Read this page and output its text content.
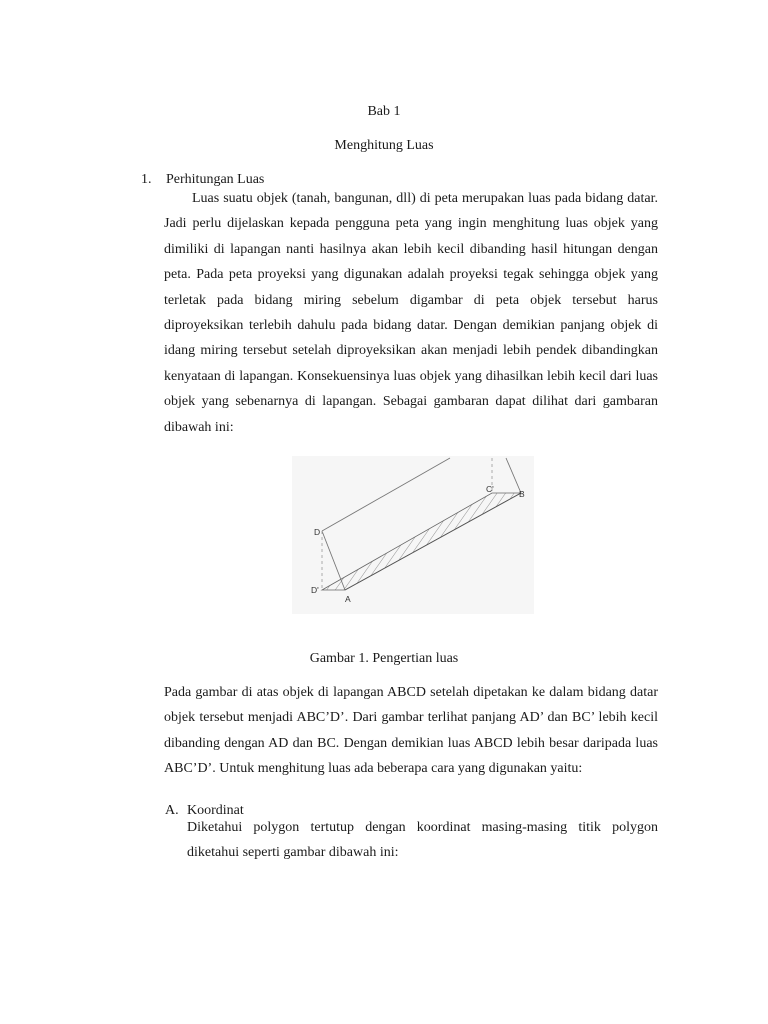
Bab 1
Menghitung Luas
1. Perhitungan Luas
Luas suatu objek (tanah, bangunan, dll) di peta merupakan luas pada bidang datar. Jadi perlu dijelaskan kepada pengguna peta yang ingin menghitung luas objek yang dimiliki di lapangan nanti hasilnya akan lebih kecil dibanding hasil hitungan dengan peta. Pada peta proyeksi yang digunakan adalah proyeksi tegak sehingga objek yang terletak pada bidang miring sebelum digambar di peta objek tersebut harus diproyeksikan terlebih dahulu pada bidang datar. Dengan demikian panjang objek di idang miring tersebut setelah diproyeksikan akan menjadi lebih pendek dibandingkan kenyataan di lapangan. Konsekuensinya luas objek yang dihasilkan lebih kecil dari luas objek yang sebenarnya di lapangan. Sebagai gambaran dapat dilihat dari gambaran dibawah ini:
C'	B
D
D'
A
Gambar 1. Pengertian luas
Pada gambar di atas objek di lapangan ABCD setelah dipetakan ke dalam bidang datar objek tersebut menjadi ABC’D’. Dari gambar terlihat panjang AD’ dan BC’ lebih kecil dibanding dengan AD dan BC. Dengan demikian luas ABCD lebih besar daripada luas ABC’D’. Untuk menghitung luas ada beberapa cara yang digunakan yaitu:
A. Koordinat
Diketahui polygon tertutup dengan koordinat masing-masing titik polygon diketahui seperti gambar dibawah ini:
